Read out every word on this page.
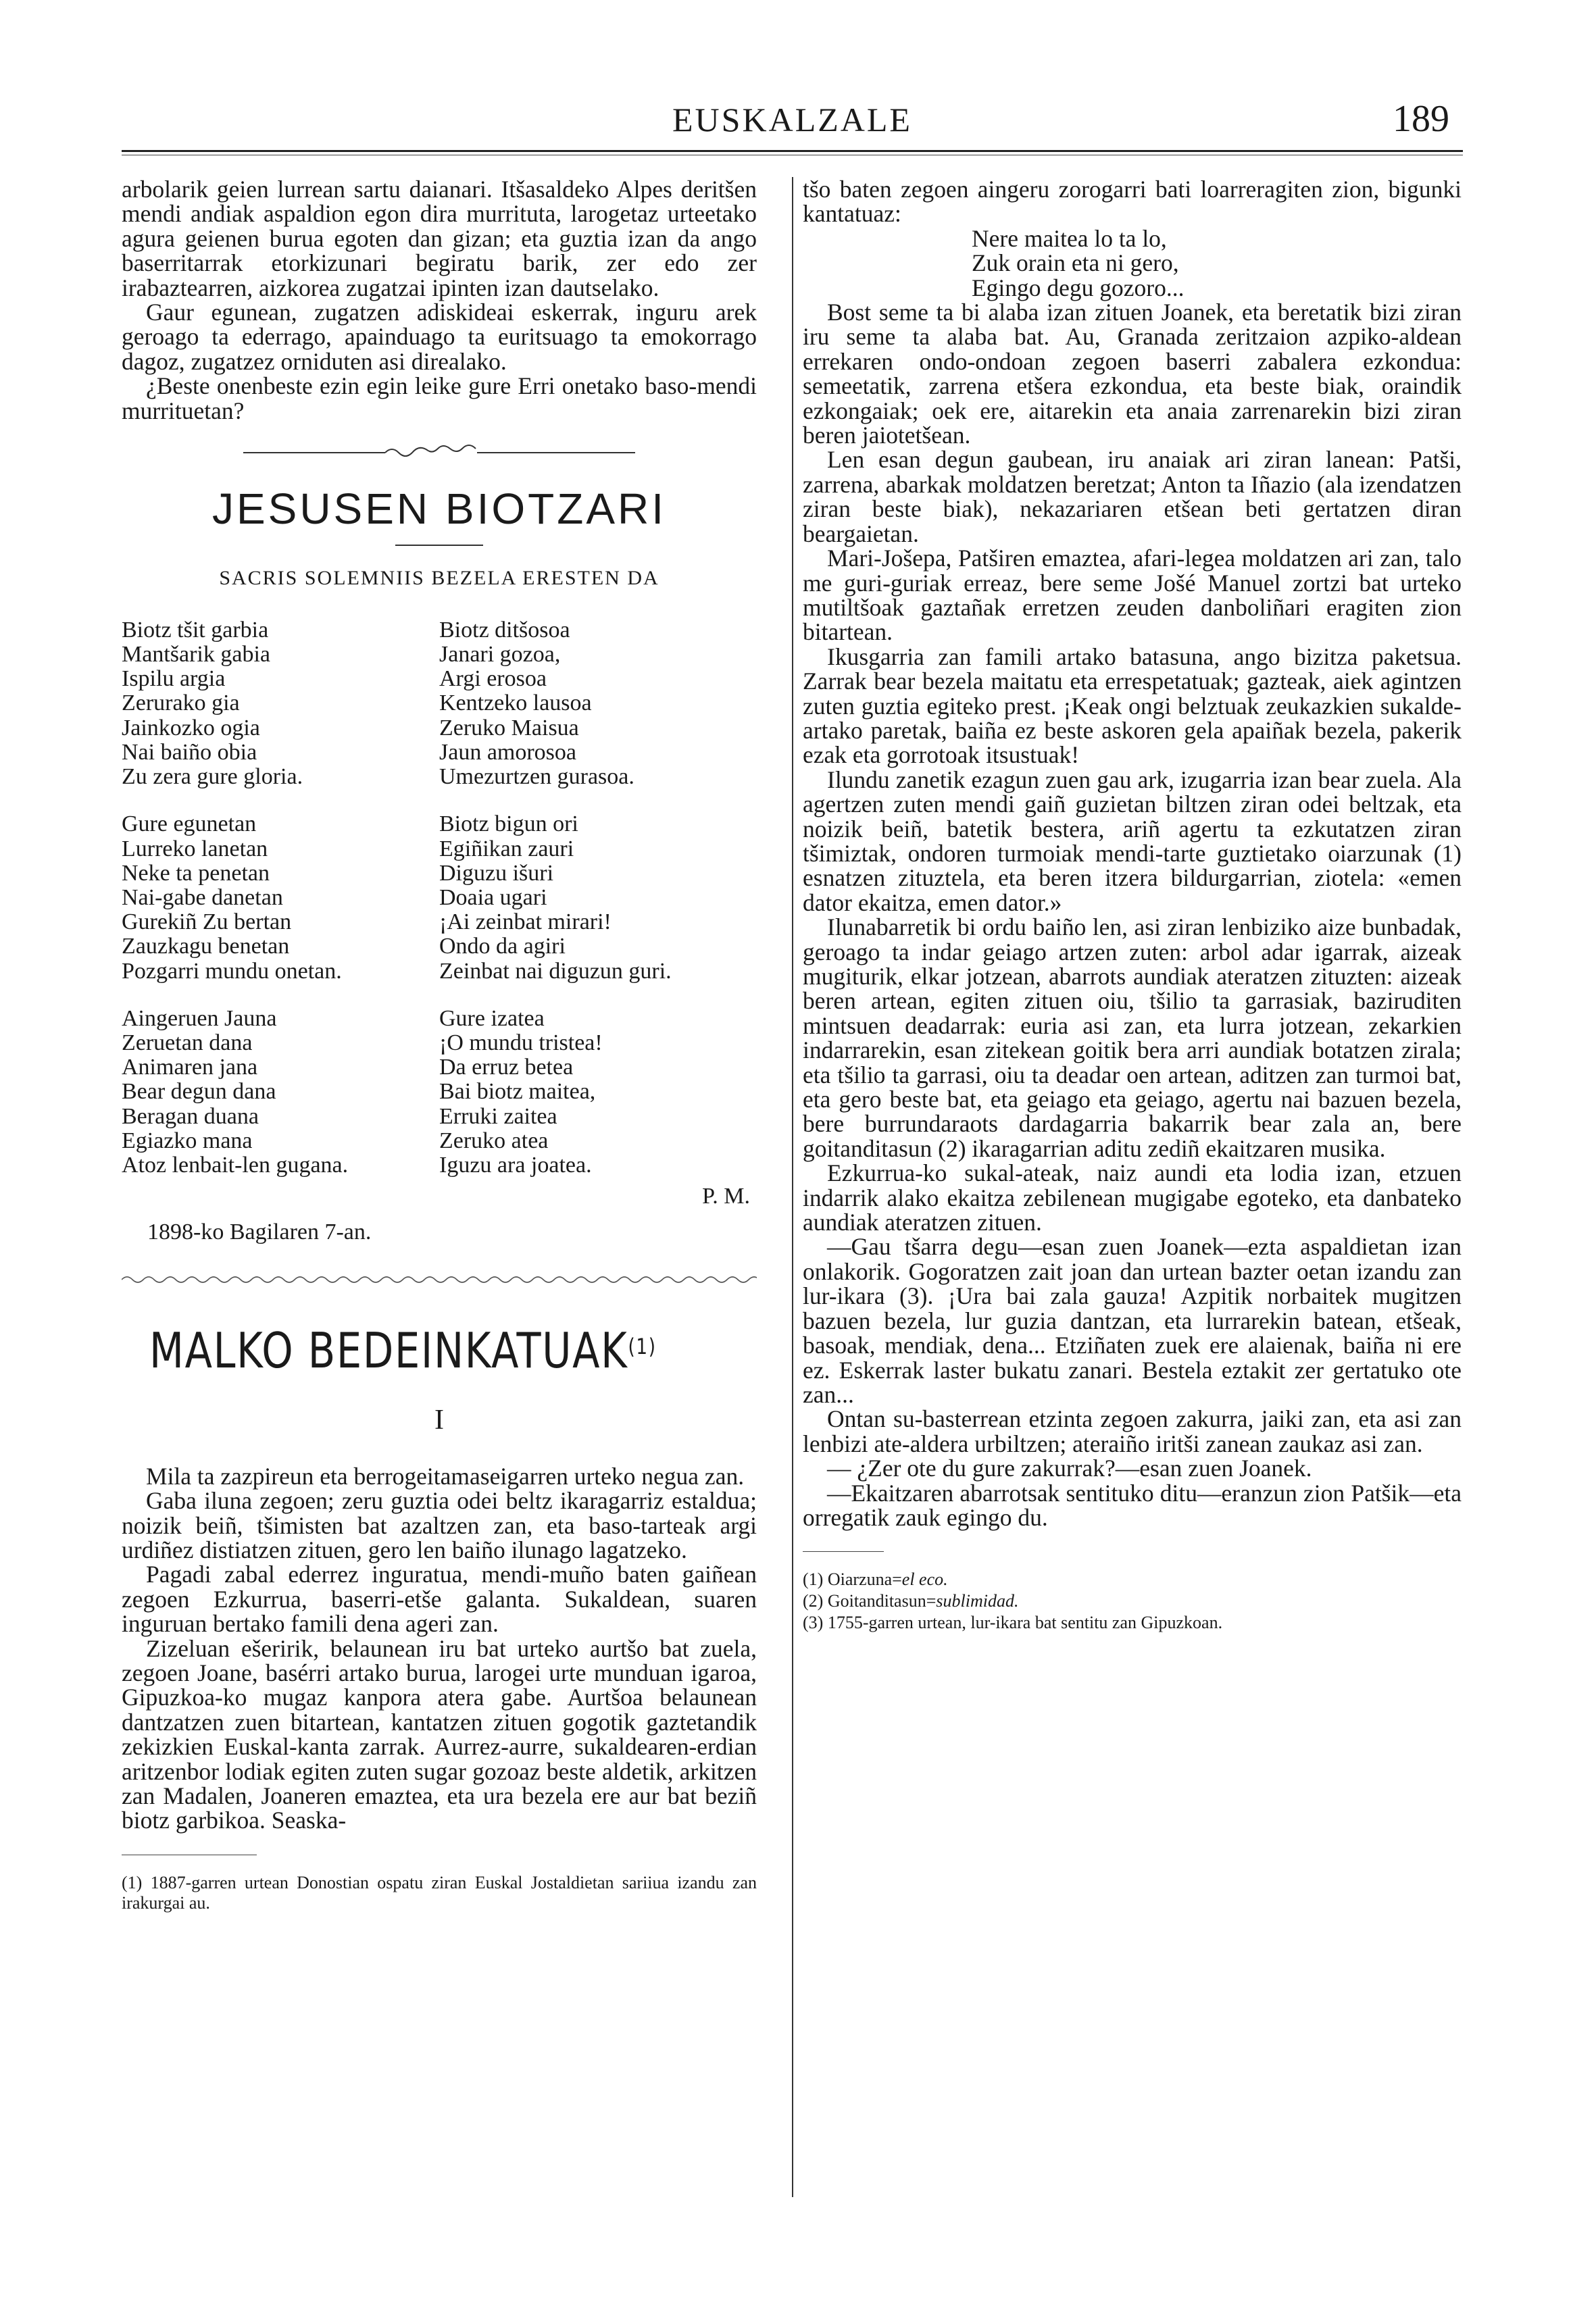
EUSKALZALE	189

arbolarik geien lurrean sartu daianari. Itšasaldeko Alpes deritšen mendi andiak aspaldion egon dira murrituta, larogetaz urteetako agura geienen burua egoten dan gizan; eta guztia izan da ango baserritarrak etorkizunari begiratu barik, zer edo zer irabaztearren, aizkorea zugatzai ipinten izan dautselako.

Gaur egunean, zugatzen adiskideai eskerrak, inguru arek geroago ta ederrago, apainduago ta euritsuago ta emokorrago dagoz, zugatzez orniduten asi direalako.

¿Beste onenbeste ezin egin leike gure Erri onetako baso-mendi murrituetan?

JESUSEN BIOTZARI
SACRIS SOLEMNIIS BEZELA ERESTEN DA
Biotz tšit garbia
Mantšarik gabia
Ispilu argia
Zerurako gia
Jainkozko ogia
Nai baiño obia
Zu zera gure gloria.
Gure egunetan
Lurreko lanetan
Neke ta penetan
Nai-gabe danetan
Gurekiñ Zu bertan
Zauzkagu benetan
Pozgarri mundu onetan.
Aingeruen Jauna
Zeruetan dana
Animaren jana
Bear degun dana
Beragan duana
Egiazko mana
Atoz lenbait-len gugana.
Biotz ditšosoa
Janari gozoa,
Argi erosoa
Kentzeko lausoa
Zeruko Maisua
Jaun amorosoa
Umezurtzen gurasoa.
Biotz bigun ori
Egiñikan zauri
Diguzu išuri
Doaia ugari
¡Ai zeinbat mirari!
Ondo da agiri
Zeinbat nai diguzun guri.
Gure izatea
¡O mundu tristea!
Da erruz betea
Bai biotz maitea,
Erruki zaitea
Zeruko atea
Iguzu ara joatea.
P. M.
1898-ko Bagilaren 7-an.
MALKO BEDEINKATUAK$^{(1)}$
I

Mila ta zazpireun eta berrogeitamaseigarren urteko negua zan.

Gaba iluna zegoen; zeru guztia odei beltz ikaragarriz estaldua; noizik beiñ, tšimisten bat azaltzen zan, eta baso-tarteak argi urdiñez distiatzen zituen, gero len baiño ilunago lagatzeko.

Pagadi zabal ederrez inguratua, mendi-muño baten gaiñean zegoen Ezkurrua, baserri-etše galanta. Sukaldean, suaren inguruan bertako famili dena ageri zan.

Zizeluan ešeririk, belaunean iru bat urteko aurtšo bat zuela, zegoen Joane, basérri artako burua, larogei urte munduan igaroa, Gipuzkoa-ko mugaz kanpora atera gabe. Aurtšoa belaunean dantzatzen zuen bitartean, kantatzen zituen gogotik gaztetandik zekizkien Euskal-kanta zarrak. Aurrez-aurre, sukaldearen-erdian aritzenbor lodiak egiten zuten sugar gozoaz beste aldetik, arkitzen zan Madalen, Joaneren emaztea, eta ura bezela ere aur bat beziñ biotz garbikoa. Seaska-

(1) 1887-garren urtean Donostian ospatu ziran Euskal Jostaldietan sariiua izandu zan irakurgai au.

tšo baten zegoen aingeru zorogarri bati loarreragiten zion, bigunki kantatuaz:

Nere maitea lo ta lo,
Zuk orain eta ni gero,
Egingo degu gozoro...

Bost seme ta bi alaba izan zituen Joanek, eta beretatik bizi ziran iru seme ta alaba bat. Au, Granada zeritzaion azpiko-aldean errekaren ondo-ondoan zegoen baserri zabalera ezkondua: semeetatik, zarrena etšera ezkondua, eta beste biak, oraindik ezkongaiak; oek ere, aitarekin eta anaia zarrenarekin bizi ziran beren jaiotetšean.

Len esan degun gaubean, iru anaiak ari ziran lanean: Patši, zarrena, abarkak moldatzen beretzat; Anton ta Iñazio (ala izendatzen ziran beste biak), nekazariaren etšean beti gertatzen diran beargaietan.

Mari-Jošepa, Patširen emaztea, afari-legea moldatzen ari zan, talo me guri-guriak erreaz, bere seme Jošé Manuel zortzi bat urteko mutiltšoak gaztañak erretzen zeuden danboliñari eragiten zion bitartean.

Ikusgarria zan famili artako batasuna, ango bizitza paketsua. Zarrak bear bezela maitatu eta errespetatuak; gazteak, aiek agintzen zuten guztia egiteko prest. ¡Keak ongi belztuak zeukazkien sukalde-artako paretak, baiña ez beste askoren gela apaiñak bezela, pakerik ezak eta gorrotoak itsustuak!

Ilundu zanetik ezagun zuen gau ark, izugarria izan bear zuela. Ala agertzen zuten mendi gaiñ guzietan biltzen ziran odei beltzak, eta noizik beiñ, batetik bestera, ariñ agertu ta ezkutatzen ziran tšimiztak, ondoren turmoiak mendi-tarte guztietako oiarzunak (1) esnatzen zituztela, eta beren itzera bildurgarrian, ziotela: «emen dator ekaitza, emen dator.»

Ilunabarretik bi ordu baiño len, asi ziran lenbiziko aize bunbadak, geroago ta indar geiago artzen zuten: arbol adar igarrak, aizeak mugiturik, elkar jotzean, abarrots aundiak ateratzen zituzten: aizeak beren artean, egiten zituen oiu, tšilio ta garrasiak, baziruditen mintsuen deadarrak: euria asi zan, eta lurra jotzean, zekarkien indarrarekin, esan zitekean goitik bera arri aundiak botatzen zirala; eta tšilio ta garrasi, oiu ta deadar oen artean, aditzen zan turmoi bat, eta gero beste bat, eta geiago eta geiago, agertu nai bazuen bezela, bere burrundaraots dardagarria bakarrik bear zala an, bere goitanditasun (2) ikaragarrian aditu zediñ ekaitzaren musika.

Ezkurrua-ko sukal-ateak, naiz aundi eta lodia izan, etzuen indarrik alako ekaitza zebilenean mugigabe egoteko, eta danbateko aundiak ateratzen zituen.

—Gau tšarra degu—esan zuen Joanek—ezta aspaldietan izan onlakorik. Gogoratzen zait joan dan urtean bazter oetan izandu zan lur-ikara (3). ¡Ura bai zala gauza! Azpitik norbaitek mugitzen bazuen bezela, lur guzia dantzan, eta lurrarekin batean, etšeak, basoak, mendiak, dena... Etziñaten zuek ere alaienak, baiña ni ere ez. Eskerrak laster bukatu zanari. Bestela eztakit zer gertatuko ote zan...

Ontan su-basterrean etzinta zegoen zakurra, jaiki zan, eta asi zan lenbizi ate-aldera urbiltzen; ateraiño iritši zanean zaukaz asi zan.

— ¿Zer ote du gure zakurrak?—esan zuen Joanek.

—Ekaitzaren abarrotsak sentituko ditu—eranzun zion Patšik—eta orregatik zauk egingo du.

(1) Oiarzuna=el eco.

(2) Goitanditasun=sublimidad.

(3) 1755-garren urtean, lur-ikara bat sentitu zan Gipuzkoan.
